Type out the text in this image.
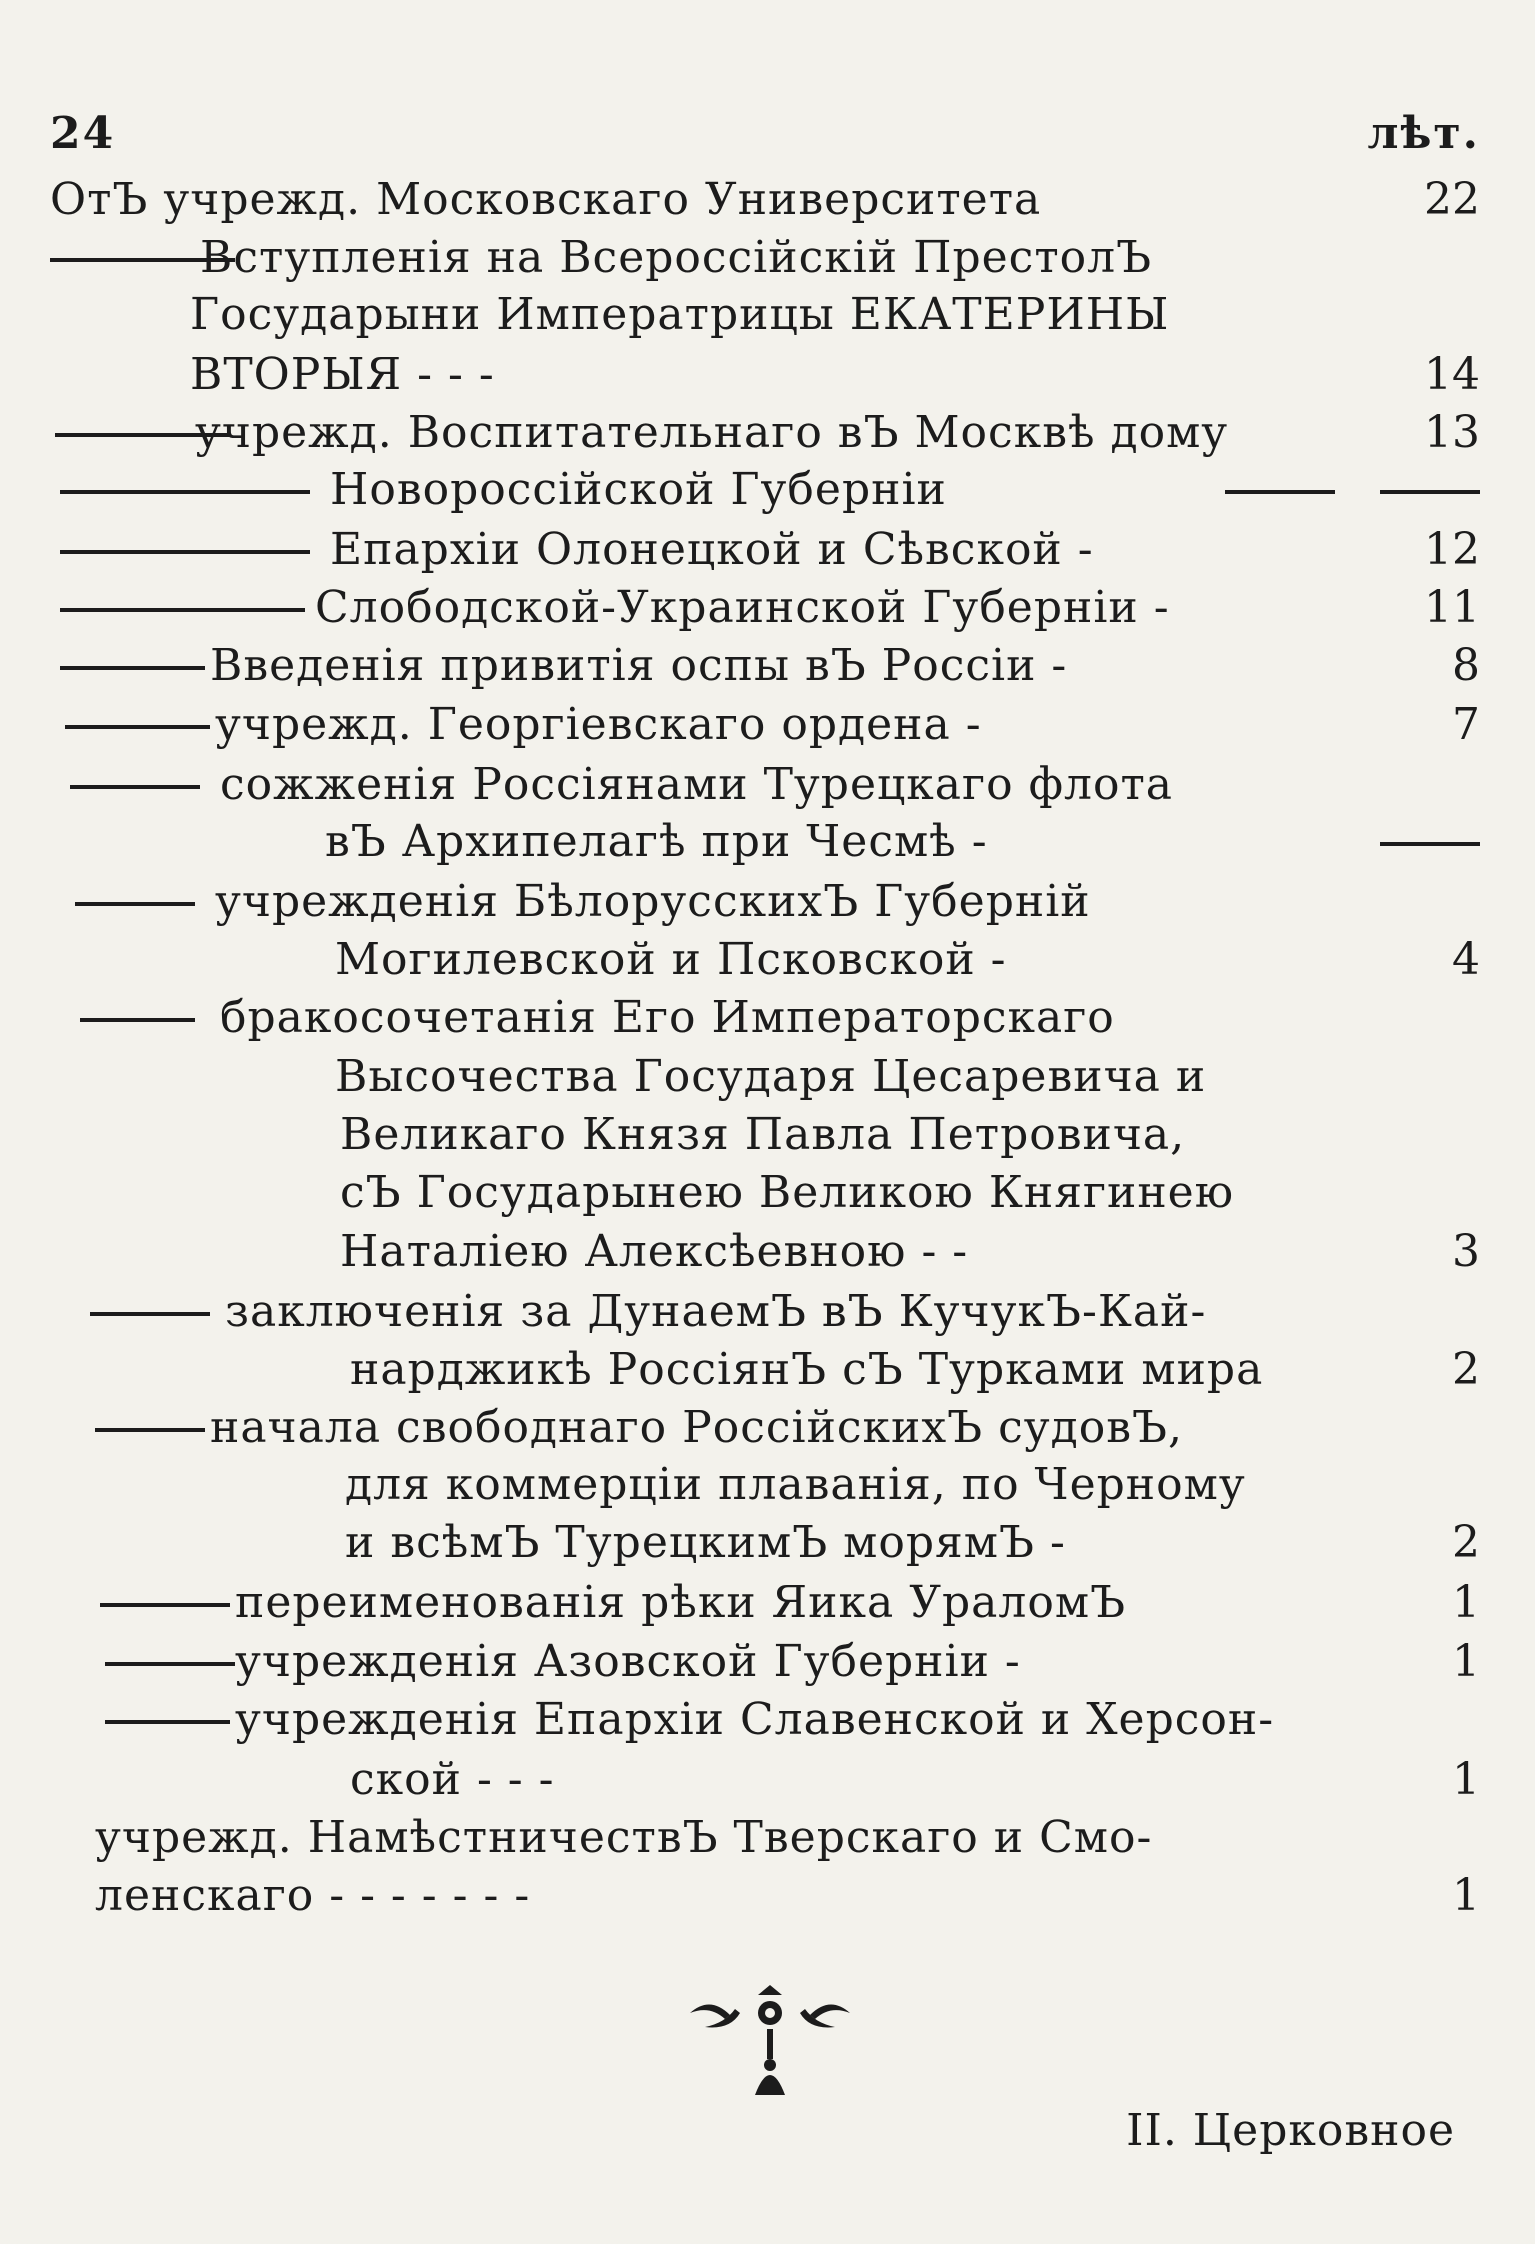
24	лѣт.
ОтЪ учрежд. Московскаго Университета	22
Вступленія на Всероссійскій ПрестолЪ
Государыни Императрицы ЕКАТЕРИНЫ
ВТОРЫЯ - - -	14
учрежд. Воспитательнаго вЪ Москвѣ дому	13
Новороссійской Губерніи
Епархіи Олонецкой и Сѣвской -	12
Слободской-Украинской Губерніи -	11
Введенія привитія оспы вЪ Россіи -	8
учрежд. Георгіевскаго ордена -	7
сожженія Россіянами Турецкаго флота
вЪ Архипелагѣ при Чесмѣ -
учрежденія БѣлорусскихЪ Губерній
Могилевской и Псковской -	4
бракосочетанія Его Императорскаго
Высочества Государя Цесаревича и
Великаго Князя Павла Петровича,
сЪ Государынею Великою Княгинею
Наталіею Алексѣевною - -	3
заключенія за ДунаемЪ вЪ КучукЪ-Кай-
нарджикѣ РоссіянЪ сЪ Турками мира	2
начала свободнаго РоссійскихЪ судовЪ,
для коммерціи плаванія, по Черному
и всѣмЪ ТурецкимЪ морямЪ -	2
переименованія рѣки Яика УраломЪ	1
учрежденія Азовской Губерніи -	1
учрежденія Епархіи Славенской и Херсон-
ской - - -	1
учрежд. НамѣстничествЪ Тверскаго и Смо-
ленскаго - - - - - - -	1
II. Церковное
